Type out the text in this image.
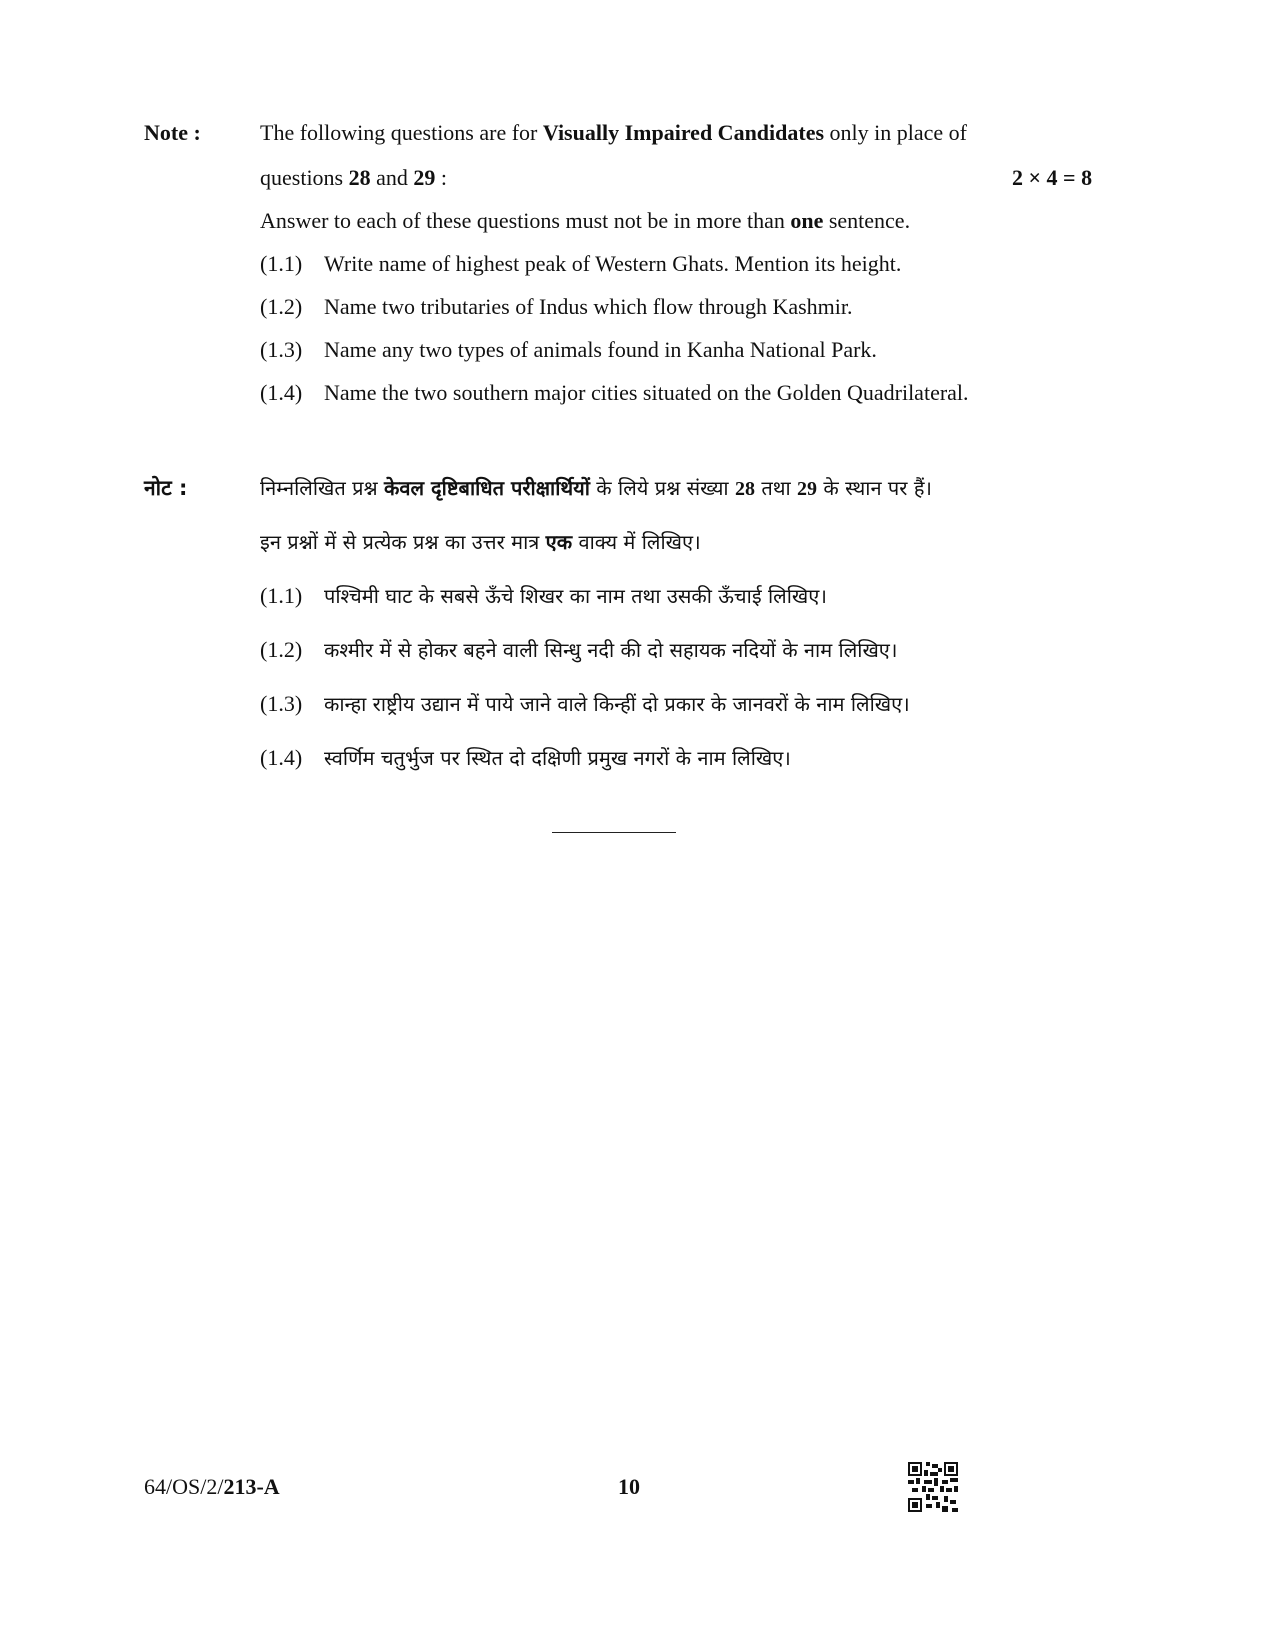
Note :	The following questions are for Visually Impaired Candidates only in place of
questions 28 and 29 :	2 × 4 = 8
Answer to each of these questions must not be in more than one sentence.
(1.1) Write name of highest peak of Western Ghats. Mention its height.
(1.2) Name two tributaries of Indus which flow through Kashmir.
(1.3) Name any two types of animals found in Kanha National Park.
(1.4) Name the two southern major cities situated on the Golden Quadrilateral.
नोट :	निम्नलिखित प्रश्न केवल दृष्टिबाधित परीक्षार्थियों के लिये प्रश्न संख्या 28 तथा 29 के स्थान पर हैं।
इन प्रश्नों में से प्रत्येक प्रश्न का उत्तर मात्र एक वाक्य में लिखिए।
(1.1) पश्चिमी घाट के सबसे ऊँचे शिखर का नाम तथा उसकी ऊँचाई लिखिए।
(1.2) कश्मीर में से होकर बहने वाली सिन्धु नदी की दो सहायक नदियों के नाम लिखिए।
(1.3) कान्हा राष्ट्रीय उद्यान में पाये जाने वाले किन्हीं दो प्रकार के जानवरों के नाम लिखिए।
(1.4) स्वर्णिम चतुर्भुज पर स्थित दो दक्षिणी प्रमुख नगरों के नाम लिखिए।
64/OS/2/213-A	10
